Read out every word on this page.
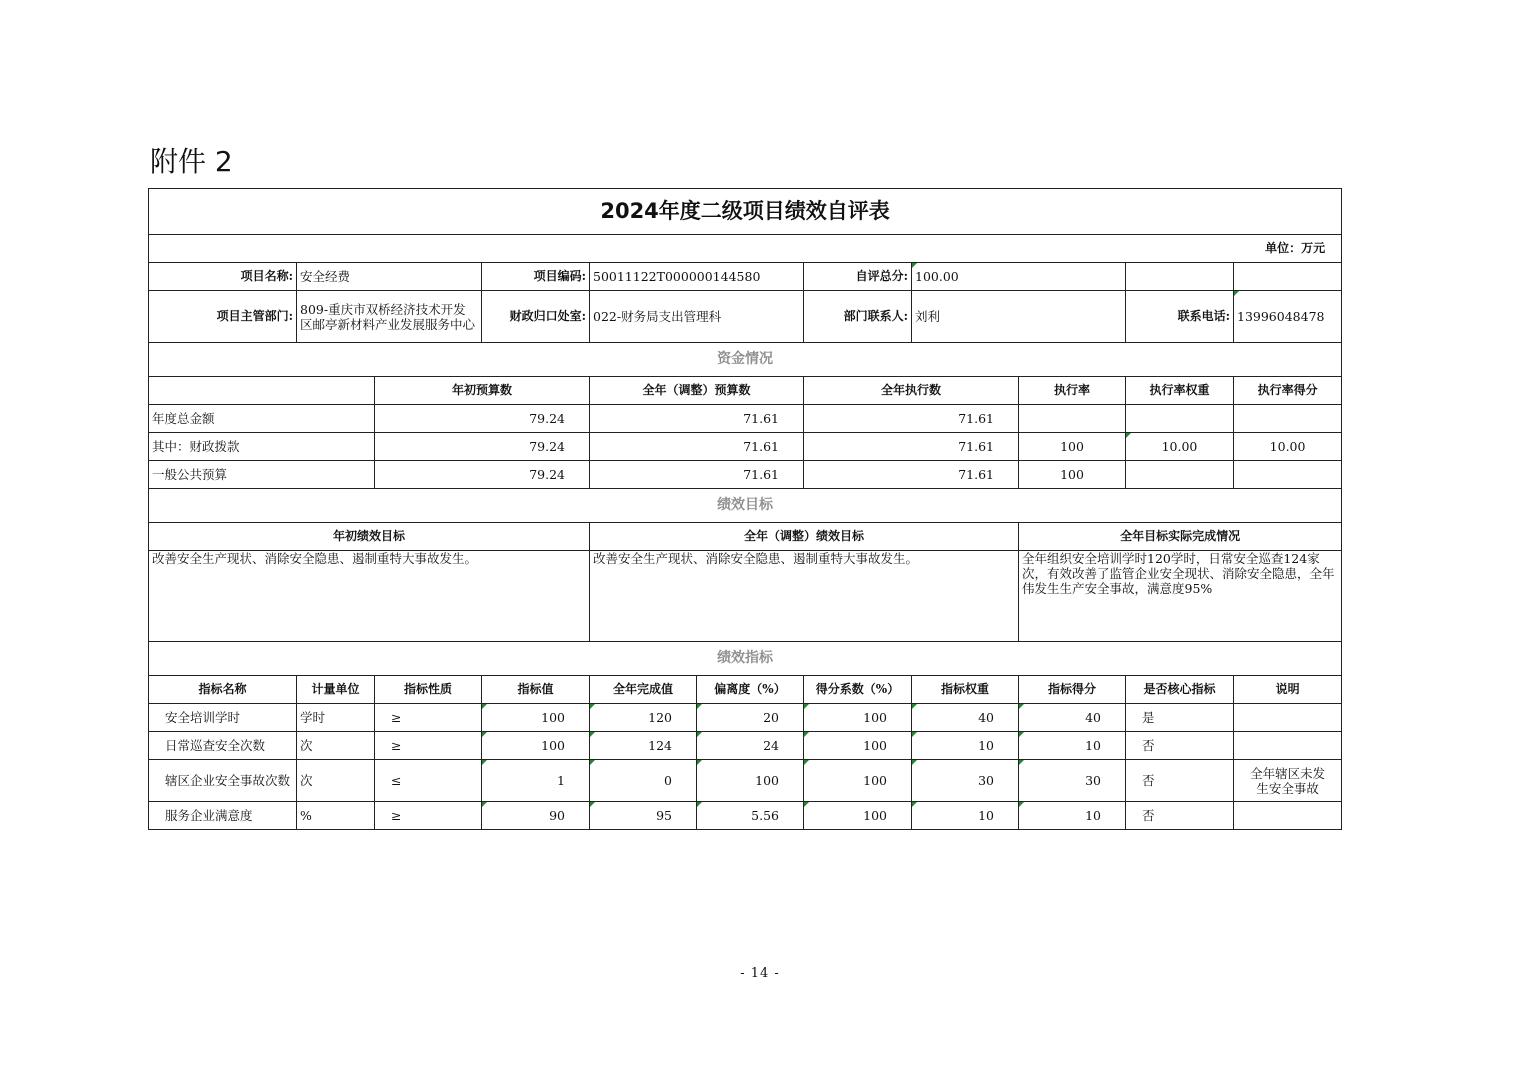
附件 2
2024年度二级项目绩效自评表										
单位：万元										
项目名称:	安全经费		项目编码:	50011122T000000144580		自评总分:	100.00			
项目主管部门:	809-重庆市双桥经济技术开发区邮亭新材料产业发展服务中心		财政归口处室:	022-财务局支出管理科		部门联系人:	刘利		联系电话:	13996048478
资金情况										
		年初预算数		全年（调整）预算数		全年执行数		执行率	执行率权重	执行率得分
年度总金额		79.24		71.61		71.61				
其中：财政拨款		79.24		71.61		71.61		100	10.00	10.00
一般公共预算		79.24		71.61		71.61		100		
绩效目标										
年初绩效目标				全年（调整）绩效目标				全年目标实际完成情况		
改善安全生产现状、消除安全隐患、遏制重特大事故发生。				改善安全生产现状、消除安全隐患、遏制重特大事故发生。				全年组织安全培训学时120学时，日常安全巡查124家次，有效改善了监管企业安全现状、消除安全隐患，全年伟发生生产安全事故，满意度95%		
绩效指标										
指标名称	计量单位	指标性质	指标值	全年完成值	偏离度（%）	得分系数（%）	指标权重	指标得分	是否核心指标	说明
安全培训学时	学时	≥	100	120	20	100	40	40	是	
日常巡查安全次数	次	≥	100	124	24	100	10	10	否	
辖区企业安全事故次数	次	≤	1	0	100	100	30	30	否	全年辖区未发生安全事故
服务企业满意度	%	≥	90	95	5.56	100	10	10	否	
- 14 -
